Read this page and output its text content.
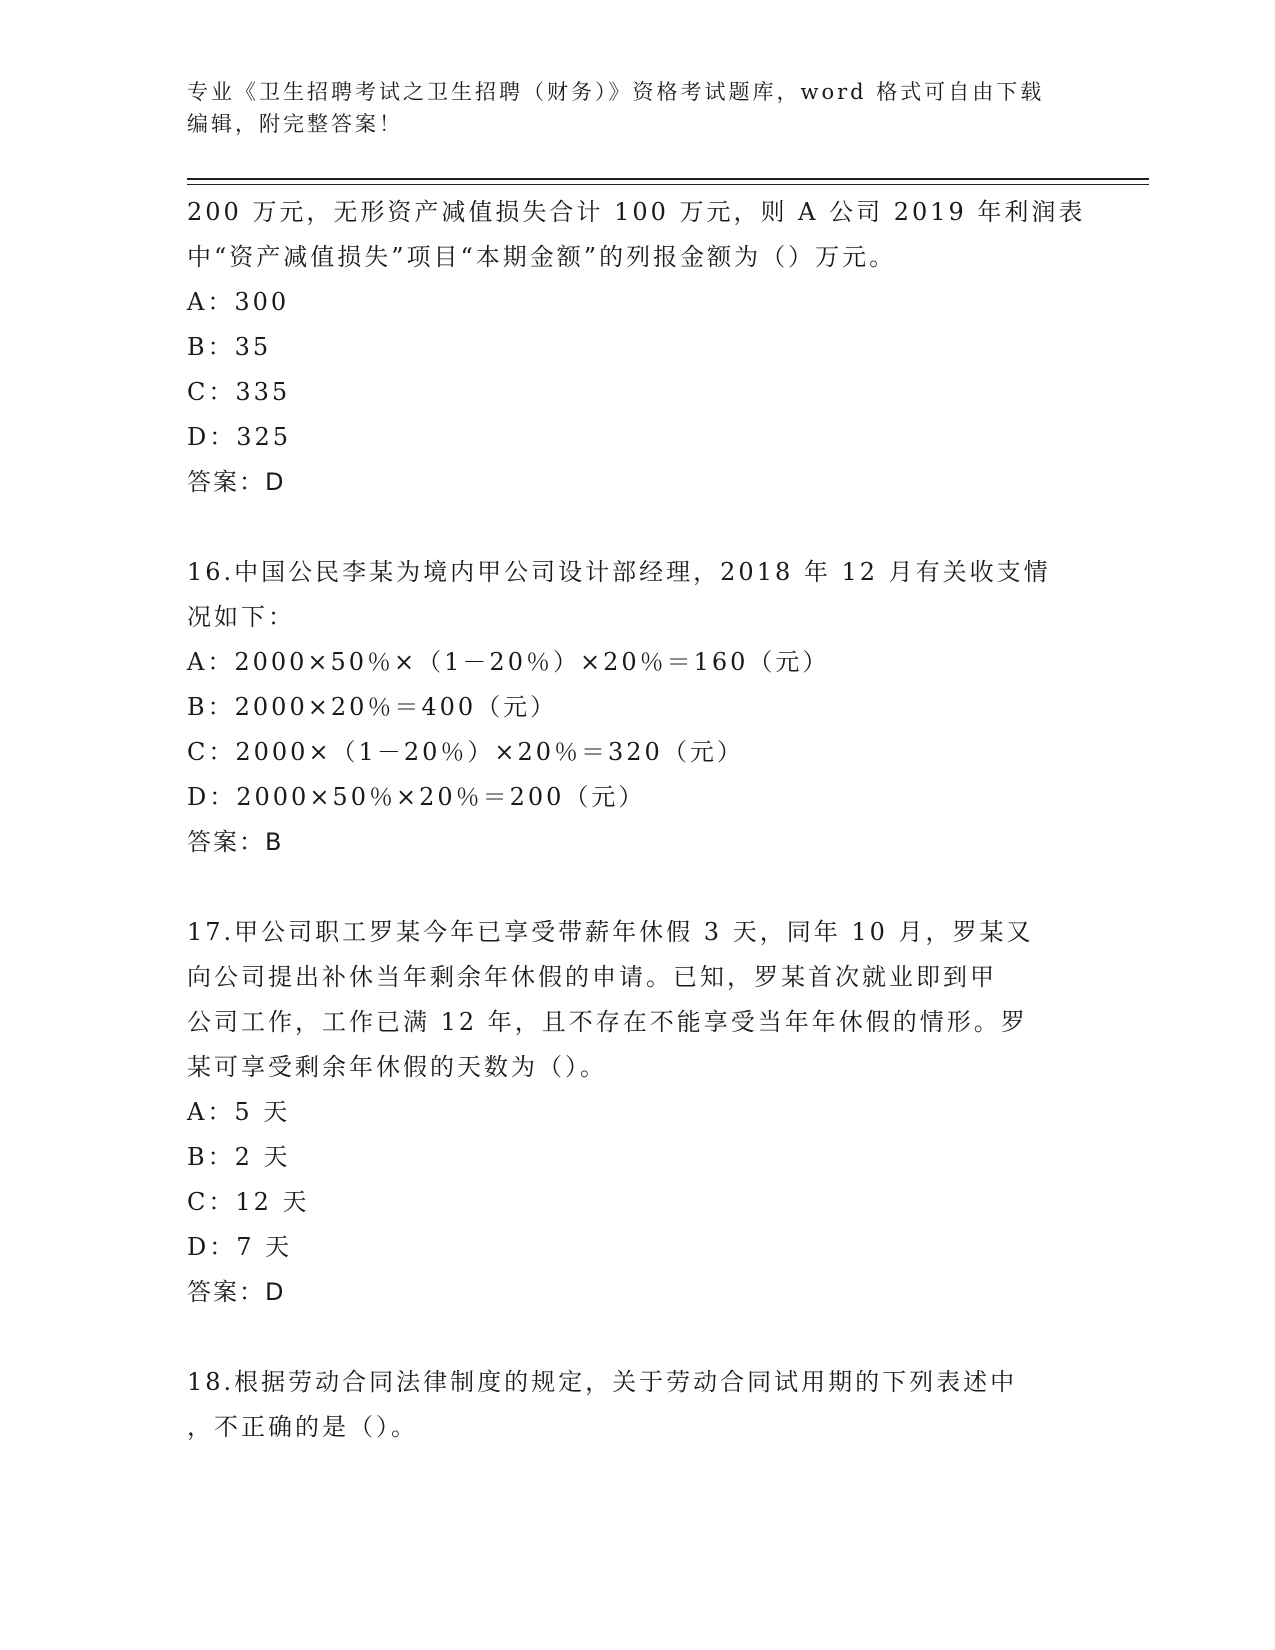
专业《卫生招聘考试之卫生招聘（财务）》资格考试题库，word 格式可自由下载
编辑，附完整答案！
200 万元，无形资产减值损失合计 100 万元，则 A 公司 2019 年利润表
中“资产减值损失”项目“本期金额”的列报金额为（）万元。
A：300
B：35
C：335
D：325
答案：D
16.中国公民李某为境内甲公司设计部经理，2018 年 12 月有关收支情
况如下：
A：2000×50％×（1－20％）×20％＝160（元）
B：2000×20％＝400（元）
C：2000×（1－20％）×20％＝320（元）
D：2000×50％×20％＝200（元）
答案：B
17.甲公司职工罗某今年已享受带薪年休假 3 天，同年 10 月，罗某又
向公司提出补休当年剩余年休假的申请。已知，罗某首次就业即到甲
公司工作，工作已满 12 年，且不存在不能享受当年年休假的情形。罗
某可享受剩余年休假的天数为（）。
A：5 天
B：2 天
C：12 天
D：7 天
答案：D
18.根据劳动合同法律制度的规定，关于劳动合同试用期的下列表述中
，不正确的是（）。
